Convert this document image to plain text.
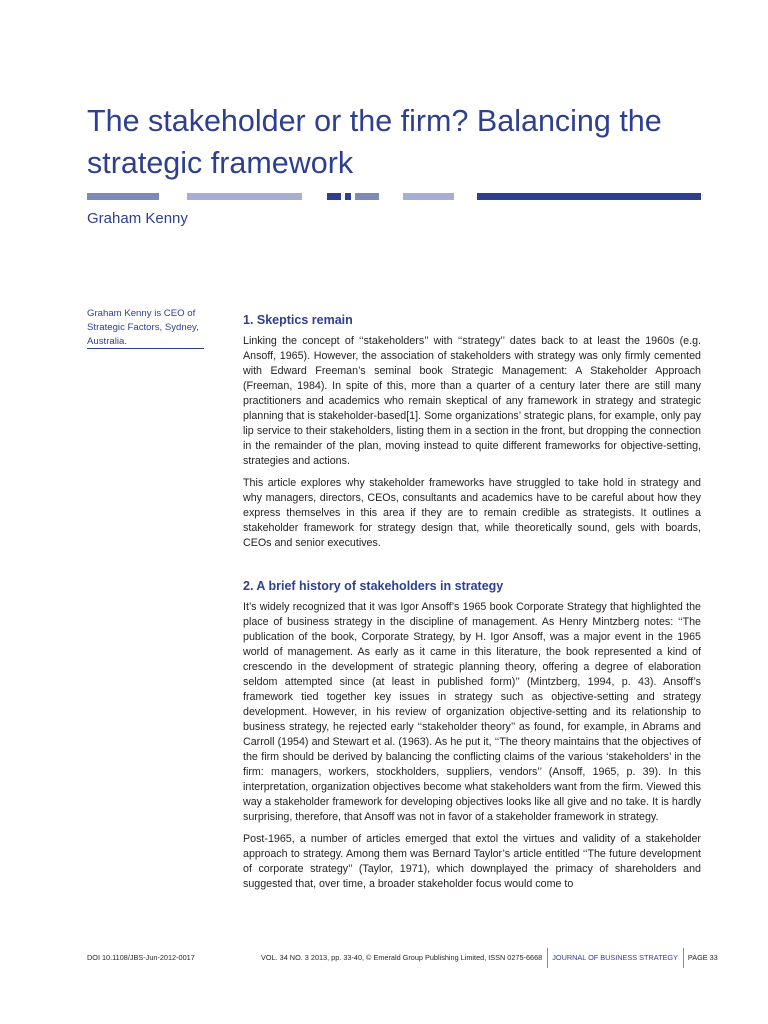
The stakeholder or the firm? Balancing the strategic framework
Graham Kenny
Graham Kenny is CEO of Strategic Factors, Sydney, Australia.
1. Skeptics remain

Linking the concept of ‘‘stakeholders’’ with ‘‘strategy’’ dates back to at least the 1960s (e.g. Ansoff, 1965). However, the association of stakeholders with strategy was only firmly cemented with Edward Freeman’s seminal book Strategic Management: A Stakeholder Approach (Freeman, 1984). In spite of this, more than a quarter of a century later there are still many practitioners and academics who remain skeptical of any framework in strategy and strategic planning that is stakeholder-based[1]. Some organizations’ strategic plans, for example, only pay lip service to their stakeholders, listing them in a section in the front, but dropping the connection in the remainder of the plan, moving instead to quite different frameworks for objective-setting, strategies and actions.

This article explores why stakeholder frameworks have struggled to take hold in strategy and why managers, directors, CEOs, consultants and academics have to be careful about how they express themselves in this area if they are to remain credible as strategists. It outlines a stakeholder framework for strategy design that, while theoretically sound, gels with boards, CEOs and senior executives.

2. A brief history of stakeholders in strategy

It’s widely recognized that it was Igor Ansoff’s 1965 book Corporate Strategy that highlighted the place of business strategy in the discipline of management. As Henry Mintzberg notes: ‘‘The publication of the book, Corporate Strategy, by H. Igor Ansoff, was a major event in the 1965 world of management. As early as it came in this literature, the book represented a kind of crescendo in the development of strategic planning theory, offering a degree of elaboration seldom attempted since (at least in published form)’’ (Mintzberg, 1994, p. 43). Ansoff’s framework tied together key issues in strategy such as objective-setting and strategy development. However, in his review of organization objective-setting and its relationship to business strategy, he rejected early ‘‘stakeholder theory’’ as found, for example, in Abrams and Carroll (1954) and Stewart et al. (1963). As he put it, ‘‘The theory maintains that the objectives of the firm should be derived by balancing the conflicting claims of the various ‘stakeholders’ in the firm: managers, workers, stockholders, suppliers, vendors’’ (Ansoff, 1965, p. 39). In this interpretation, organization objectives become what stakeholders want from the firm. Viewed this way a stakeholder framework for developing objectives looks like all give and no take. It is hardly surprising, therefore, that Ansoff was not in favor of a stakeholder framework in strategy.

Post-1965, a number of articles emerged that extol the virtues and validity of a stakeholder approach to strategy. Among them was Bernard Taylor’s article entitled ‘‘The future development of corporate strategy’’ (Taylor, 1971), which downplayed the primacy of shareholders and suggested that, over time, a broader stakeholder focus would come to

DOI 10.1108/JBS-Jun-2012-0017	VOL. 34 NO. 3 2013, pp. 33-40, © Emerald Group Publishing Limited, ISSN 0275-6668 JOURNAL OF BUSINESS STRATEGY PAGE 33
